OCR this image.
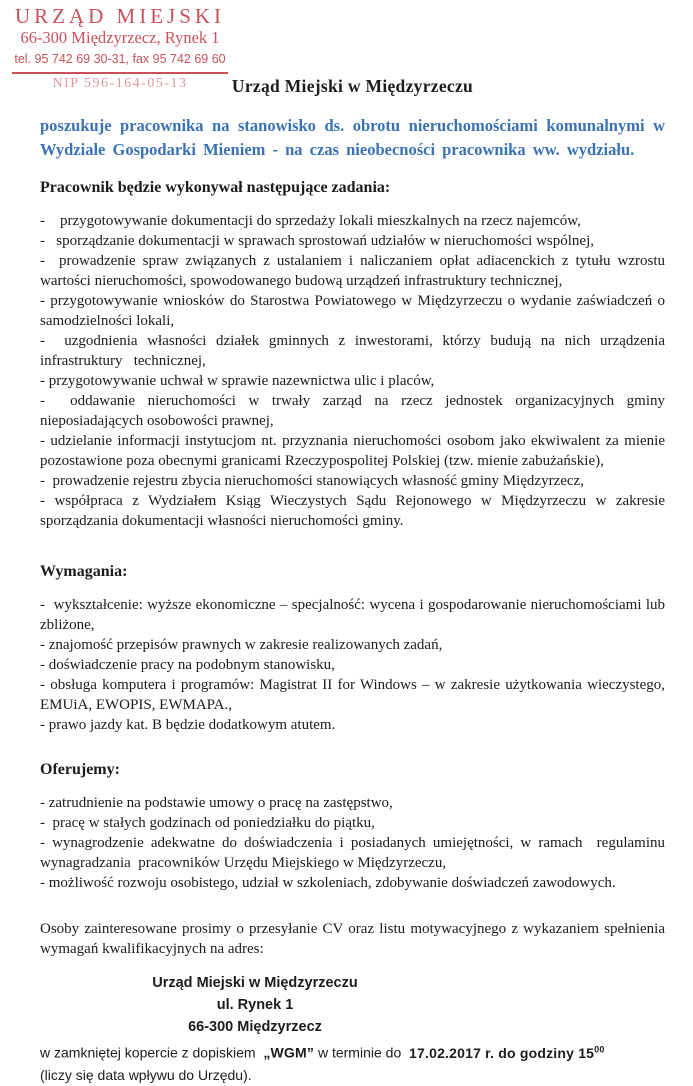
URZĄD MIEJSKI
66-300 Międzyrzecz, Rynek 1
tel. 95 742 69 30-31, fax 95 742 69 60
NIP 596-164-05-13	Urząd Miejski w Międzyrzeczu

poszukuje pracownika na stanowisko ds. obrotu nieruchomościami komunalnymi w Wydziale Gospodarki Mieniem - na czas nieobecności pracownika ww. wydziału.

Pracownik będzie wykonywał następujące zadania:

-    przygotowywanie dokumentacji do sprzedaży lokali mieszkalnych na rzecz najemców,

-   sporządzanie dokumentacji w sprawach sprostowań udziałów w nieruchomości wspólnej,

-  prowadzenie spraw związanych z ustalaniem i naliczaniem opłat adiacenckich z tytułu wzrostu wartości nieruchomości, spowodowanego budową urządzeń infrastruktury technicznej,

- przygotowywanie wniosków do Starostwa Powiatowego w Międzyrzeczu o wydanie zaświadczeń o samodzielności lokali,

-  uzgodnienia własności działek gminnych z inwestorami, którzy budują na nich urządzenia infrastruktury   technicznej,

- przygotowywanie uchwał w sprawie nazewnictwa ulic i placów,

-  oddawanie nieruchomości w trwały zarząd na rzecz jednostek organizacyjnych gminy nieposiadających osobowości prawnej,

- udzielanie informacji instytucjom nt. przyznania nieruchomości osobom jako ekwiwalent za mienie pozostawione poza obecnymi granicami Rzeczypospolitej Polskiej (tzw. mienie zabużańskie),

-  prowadzenie rejestru zbycia nieruchomości stanowiących własność gminy Międzyrzecz,

- współpraca z Wydziałem Ksiąg Wieczystych Sądu Rejonowego w Międzyrzeczu w zakresie sporządzania dokumentacji własności nieruchomości gminy.

Wymagania:

-  wykształcenie: wyższe ekonomiczne – specjalność: wycena i gospodarowanie nieruchomościami lub zbliżone,

- znajomość przepisów prawnych w zakresie realizowanych zadań,

- doświadczenie pracy na podobnym stanowisku,

- obsługa komputera i programów: Magistrat II for Windows – w zakresie użytkowania wieczystego, EMUiA, EWOPIS, EWMAPA.,

- prawo jazdy kat. B będzie dodatkowym atutem.

Oferujemy:

- zatrudnienie na podstawie umowy o pracę na zastępstwo,

-  pracę w stałych godzinach od poniedziałku do piątku,

- wynagrodzenie adekwatne do doświadczenia i posiadanych umiejętności, w ramach  regulaminu wynagradzania  pracowników Urzędu Miejskiego w Międzyrzeczu,

- możliwość rozwoju osobistego, udział w szkoleniach, zdobywanie doświadczeń zawodowych.

Osoby zainteresowane prosimy o przesyłanie CV oraz listu motywacyjnego z wykazaniem spełnienia wymagań kwalifikacyjnych na adres:

Urząd Miejski w Międzyrzeczu
ul. Rynek 1
66-300 Międzyrzecz

w zamkniętej kopercie z dopiskiem  „WGM” w terminie do  17.02.2017 r. do godziny $15^{00}$

(liczy się data wpływu do Urzędu).
